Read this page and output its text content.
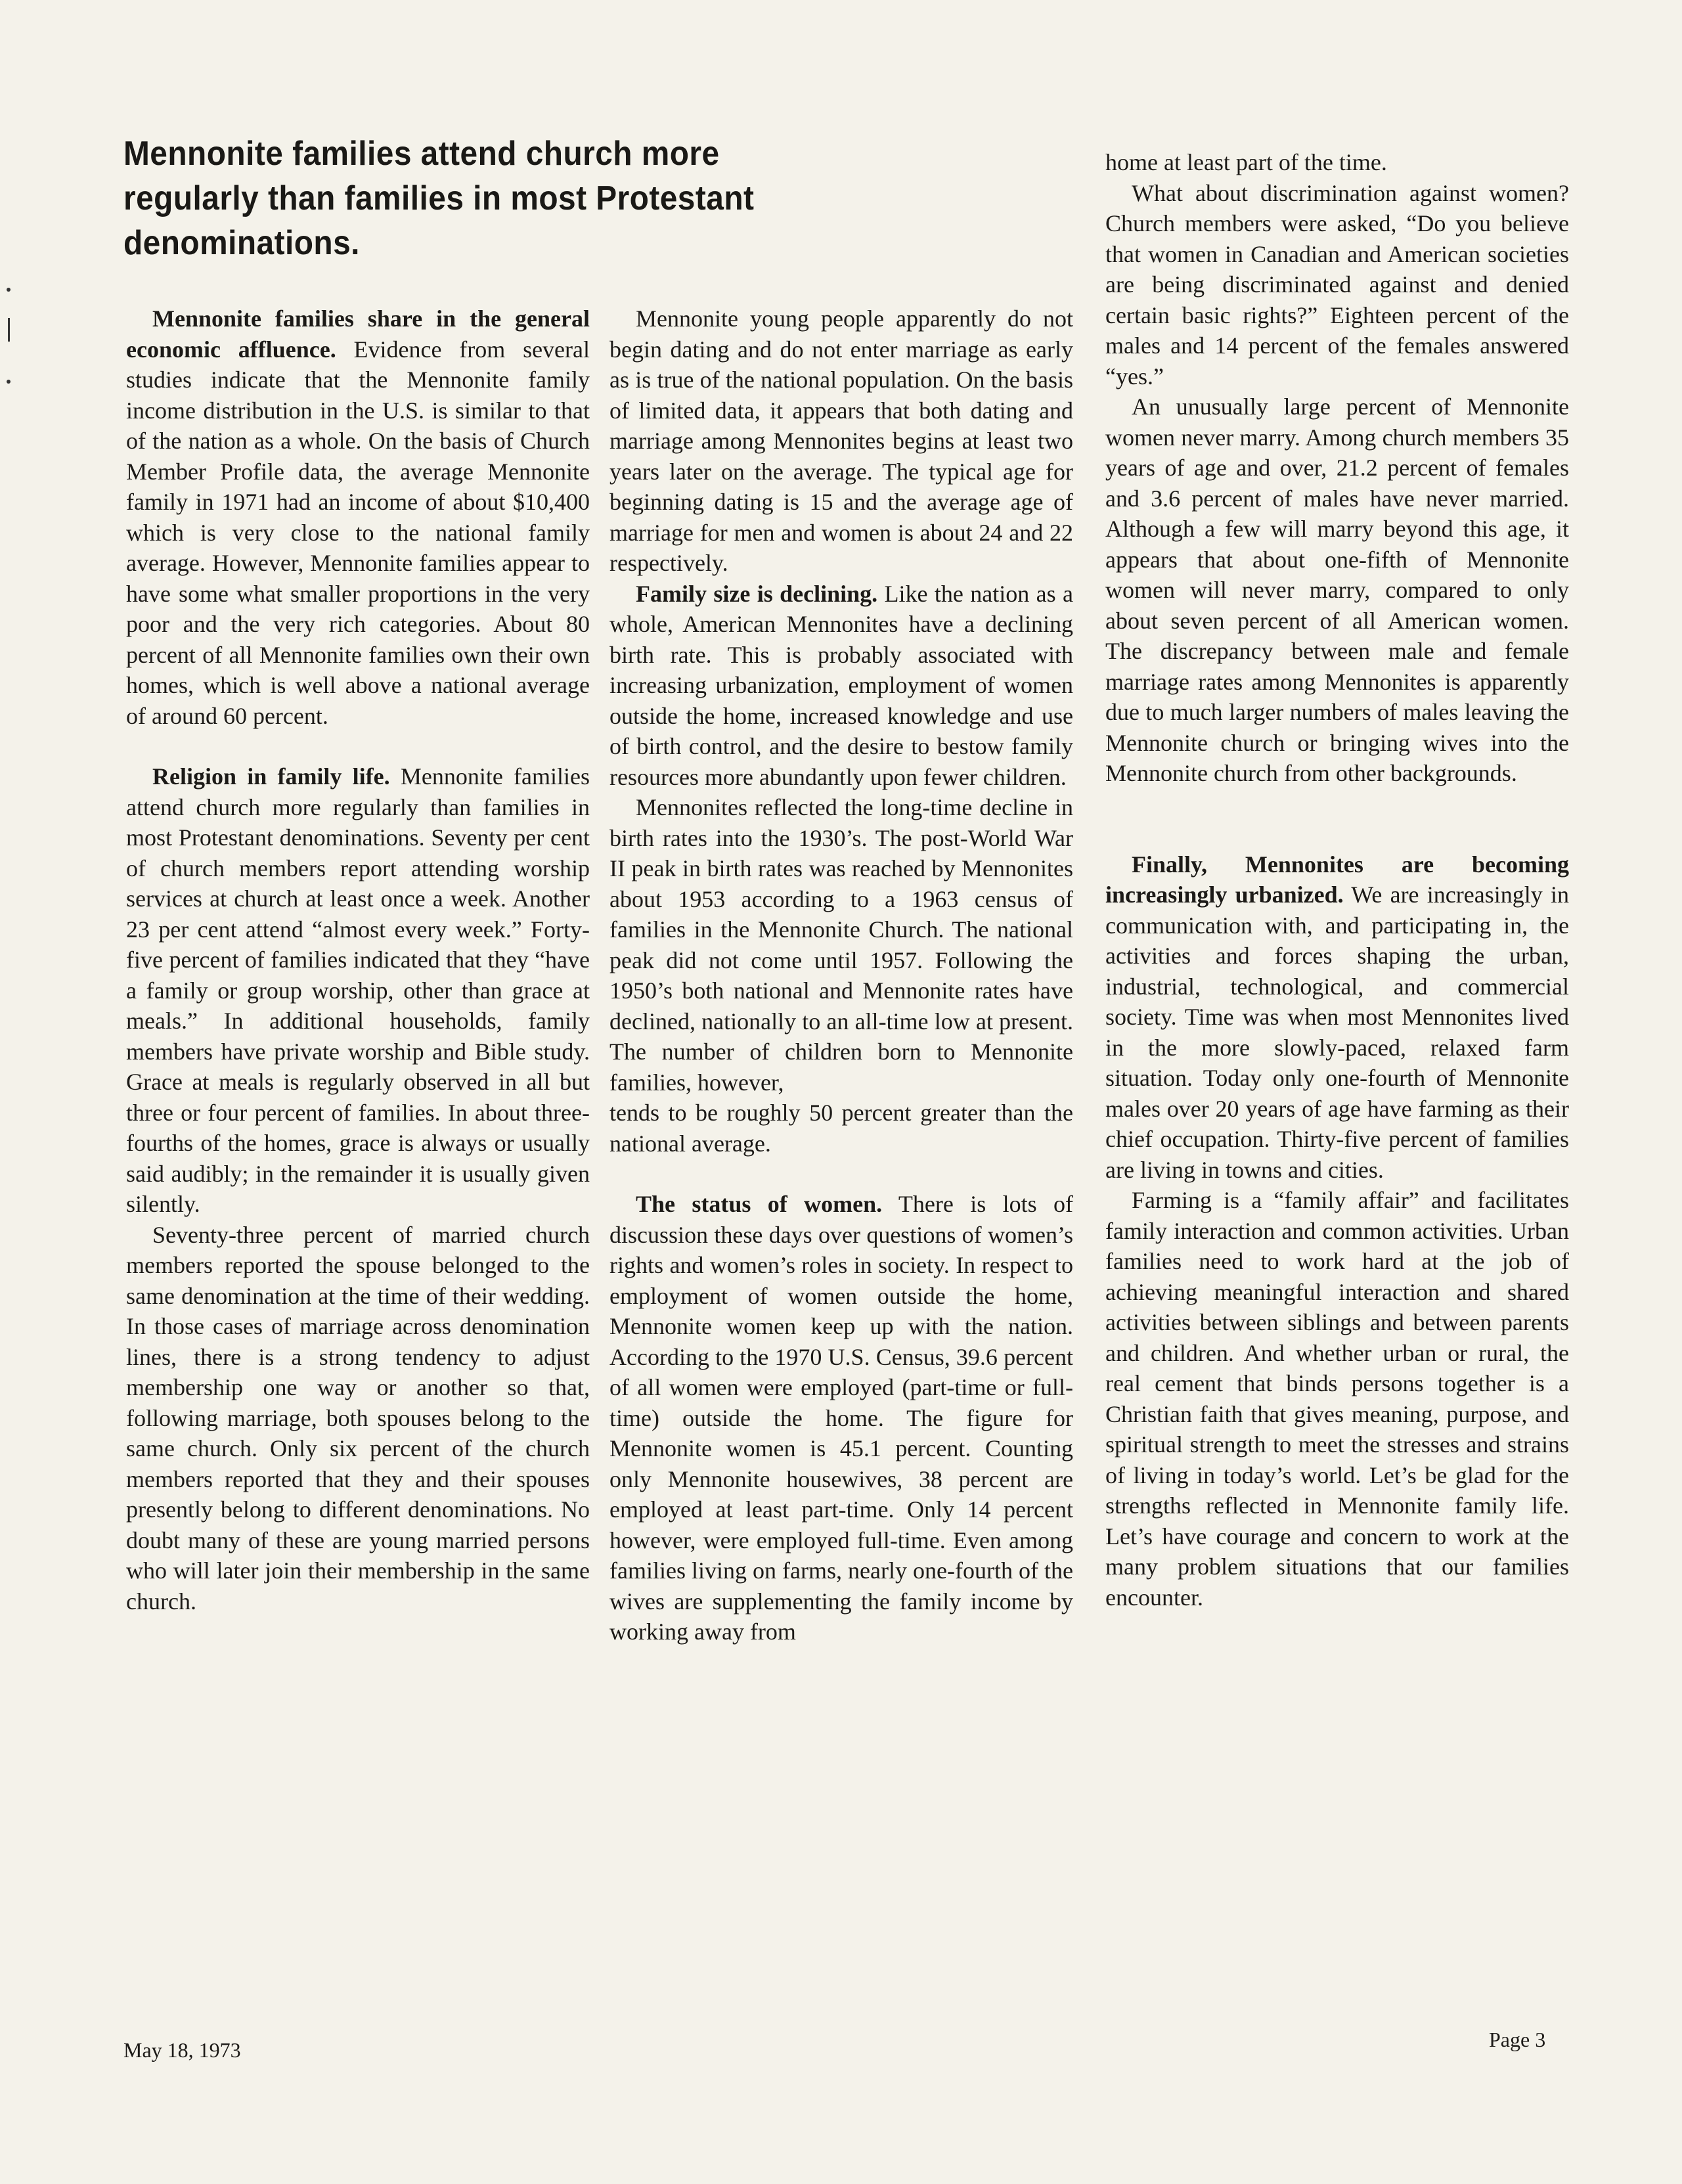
Mennonite families attend church more regularly than families in most Protestant denominations.

Mennonite families share in the general economic affluence. Evidence from several studies indicate that the Mennonite family income distribution in the U.S. is similar to that of the nation as a whole. On the basis of Church Member Profile data, the average Mennonite family in 1971 had an income of about $10,400 which is very close to the national family average. However, Mennonite families appear to have some what smaller proportions in the very poor and the very rich categories. About 80 percent of all Mennonite families own their own homes, which is well above a national average of around 60 percent.

Religion in family life. Mennonite families attend church more regularly than families in most Protestant denominations. Seventy per cent of church members report attending worship services at church at least once a week. Another 23 per cent attend “almost every week.” Forty-five percent of families indicated that they “have a family or group worship, other than grace at meals.” In additional households, family members have private worship and Bible study. Grace at meals is regularly observed in all but three or four percent of families. In about three-fourths of the homes, grace is always or usually said audibly; in the remainder it is usually given silently.

Seventy-three percent of married church members reported the spouse belonged to the same denomination at the time of their wedding. In those cases of marriage across denomination lines, there is a strong tendency to adjust membership one way or another so that, following marriage, both spouses belong to the same church. Only six percent of the church members reported that they and their spouses presently belong to different denominations. No doubt many of these are young married persons who will later join their membership in the same church.

Mennonite young people apparently do not begin dating and do not enter marriage as early as is true of the national population. On the basis of limited data, it appears that both dating and marriage among Mennonites begins at least two years later on the average. The typical age for beginning dating is 15 and the average age of marriage for men and women is about 24 and 22 respectively.

Family size is declining. Like the nation as a whole, American Mennonites have a declining birth rate. This is probably associated with increasing urbanization, employment of women outside the home, increased knowledge and use of birth control, and the desire to bestow family resources more abundantly upon fewer children.

Mennonites reflected the long-time decline in birth rates into the 1930’s. The post-World War II peak in birth rates was reached by Mennonites about 1953 according to a 1963 census of families in the Mennonite Church. The national peak did not come until 1957. Following the 1950’s both national and Mennonite rates have declined, nationally to an all-time low at present. The number of children born to Mennonite families, however,

tends to be roughly 50 percent greater than the national average.

The status of women. There is lots of discussion these days over questions of women’s rights and women’s roles in society. In respect to employment of women outside the home, Mennonite women keep up with the nation. According to the 1970 U.S. Census, 39.6 percent of all women were employed (part-time or full-time) outside the home. The figure for Mennonite women is 45.1 percent. Counting only Mennonite housewives, 38 percent are employed at least part-time. Only 14 percent however, were employed full-time. Even among families living on farms, nearly one-fourth of the wives are supplementing the family income by working away from

home at least part of the time.

What about discrimination against women? Church members were asked, “Do you believe that women in Canadian and American societies are being discriminated against and denied certain basic rights?” Eighteen percent of the males and 14 percent of the females answered “yes.”

An unusually large percent of Mennonite women never marry. Among church members 35 years of age and over, 21.2 percent of females and 3.6 percent of males have never married. Although a few will marry beyond this age, it appears that about one-fifth of Mennonite women will never marry, compared to only about seven percent of all American women. The discrepancy between male and female marriage rates among Mennonites is apparently due to much larger numbers of males leaving the Mennonite church or bringing wives into the Mennonite church from other backgrounds.

Finally, Mennonites are becoming increasingly urbanized. We are increasingly in communication with, and participating in, the activities and forces shaping the urban, industrial, technological, and commercial society. Time was when most Mennonites lived in the more slowly-paced, relaxed farm situation. Today only one-fourth of Mennonite males over 20 years of age have farming as their chief occupation. Thirty-five percent of families are living in towns and cities.

Farming is a “family affair” and facilitates family interaction and common activities. Urban families need to work hard at the job of achieving meaningful interaction and shared activities between siblings and between parents and children. And whether urban or rural, the real cement that binds persons together is a Christian faith that gives meaning, purpose, and spiritual strength to meet the stresses and strains of living in today’s world. Let’s be glad for the strengths reflected in Mennonite family life. Let’s have courage and concern to work at the many problem situations that our families encounter.

May 18, 1973	Page 3
